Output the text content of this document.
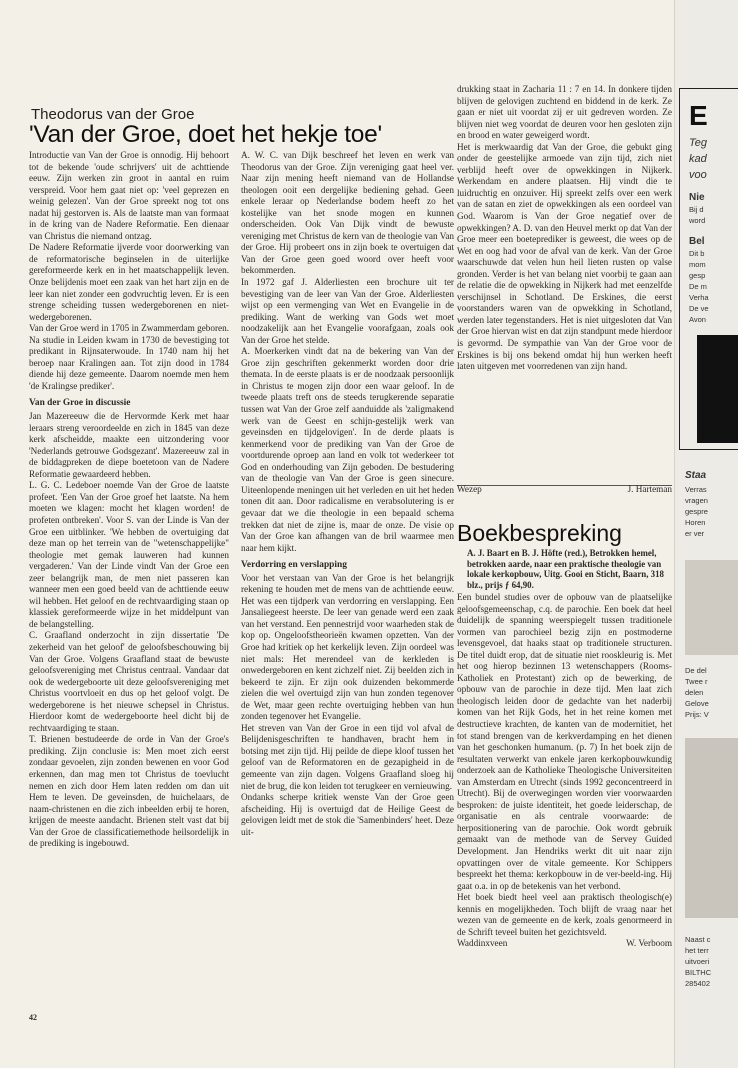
Theodorus van der Groe
'Van der Groe, doet het hekje toe'

Introductie van Van der Groe is onnodig. Hij behoort tot de bekende 'oude schrijvers' uit de achttiende eeuw. Zijn werken zin groot in aantal en ruim verspreid. Voor hem gaat niet op: 'veel geprezen en weinig gelezen'. Van der Groe spreekt nog tot ons nadat hij gestorven is. Als de laatste man van formaat in de kring van de Nadere Reformatie. Een dienaar van Christus die niemand ontzag.

De Nadere Reformatie ijverde voor doorwerking van de reformatorische beginselen in de uiterlijke gereformeerde kerk en in het maatschappelijk leven. Onze belijdenis moet een zaak van het hart zijn en de leer kan niet zonder een godvruchtig leven. Er is een strenge scheiding tussen wedergeborenen en niet-wedergeborenen.

Van der Groe werd in 1705 in Zwammerdam geboren. Na studie in Leiden kwam in 1730 de bevestiging tot predikant in Rijnsaterwoude. In 1740 nam hij het beroep naar Kralingen aan. Tot zijn dood in 1784 diende hij deze gemeente. Daarom noemde men hem 'de Kralingse prediker'.

Van der Groe in discussie

Jan Mazereeuw die de Hervormde Kerk met haar leraars streng veroordeelde en zich in 1845 van deze kerk afscheidde, maakte een uitzondering voor 'Nederlands getrouwe Godsgezant'. Mazereeuw zal in de biddagpreken de diepe boetetoon van de Nadere Reformatie gewaardeerd hebben.

L. G. C. Ledeboer noemde Van der Groe de laatste profeet. 'Een Van der Groe groef het laatste. Na hem moeten we klagen: mocht het klagen worden! de profeten ontbreken'. Voor S. van der Linde is Van der Groe een uitblinker. 'We hebben de overtuiging dat deze man op het terrein van de "wetenschappelijke" theologie met gemak lauweren had kunnen vergaderen.' Van der Linde vindt Van der Groe een zeer belangrijk man, de men niet passeren kan wanneer men een goed beeld van de achttiende eeuw wil hebben. Het geloof en de rechtvaardiging staan op klassiek gereformeerde wijze in het middelpunt van de belangstelling.

C. Graafland onderzocht in zijn dissertatie 'De zekerheid van het geloof' de geloofsbeschouwing bij Van der Groe. Volgens Graafland staat de bewuste geloofsvereniging met Christus centraal. Vandaar dat ook de wedergeboorte uit deze geloofsvereniging met Christus voortvloeit en dus op het geloof volgt. De wedergeborene is het nieuwe schepsel in Christus. Hierdoor komt de wedergeboorte heel dicht bij de rechtvaardiging te staan.

T. Brienen bestudeerde de orde in Van der Groe's prediking. Zijn conclusie is: Men moet zich eerst zondaar gevoelen, zijn zonden bewenen en voor God erkennen, dan mag men tot Christus de toevlucht nemen en zich door Hem laten redden om dan uit Hem te leven. De geveinsden, de huichelaars, de naam-christenen en die zich inbeelden erbij te horen, krijgen de meeste aandacht. Brienen stelt vast dat bij Van der Groe de classificatiemethode heilsordelijk in de prediking is ingebouwd.

A. W. C. van Dijk beschreef het leven en werk van Theodorus van der Groe. Zijn vereniging gaat heel ver. Naar zijn mening heeft niemand van de Hollandse theologen ooit een dergelijke bediening gehad. Geen enkele leraar op Nederlandse bodem heeft zo het kostelijke van het snode mogen en kunnen onderscheiden. Ook Van Dijk vindt de bewuste vereniging met Christus de kern van de theologie van Van der Groe. Hij probeert ons in zijn boek te overtuigen dat Van der Groe geen goed woord over heeft voor bekommerden.

In 1972 gaf J. Alderliesten een brochure uit ter bevestiging van de leer van Van der Groe. Alderliesten wijst op een vermenging van Wet en Evangelie in de prediking. Want de werking van Gods wet moet noodzakelijk aan het Evangelie voorafgaan, zoals ook Van der Groe het stelde.

A. Moerkerken vindt dat na de bekering van Van der Groe zijn geschriften gekenmerkt worden door drie themata. In de eerste plaats is er de noodzaak persoonlijk in Christus te mogen zijn door een waar geloof. In de tweede plaats treft ons de steeds terugkerende separatie tussen wat Van der Groe zelf aanduidde als 'zaligmakend werk van de Geest en schijn-gestelijk werk van geveinsden en tijdgelovigen'. In de derde plaats is kenmerkend voor de prediking van Van der Groe de voortdurende oproep aan land en volk tot wederkeer tot God en onderhouding van Zijn geboden. De bestudering van de theologie van Van der Groe is geen sinecure. Uiteenlopende meningen uit het verleden en uit het heden tonen dit aan. Door radicalisme en verabsolutering is er gevaar dat we die theologie in een bepaald schema trekken dat niet de zijne is, maar de onze. De visie op Van der Groe kan afhangen van de bril waarmee men naar hem kijkt.

Verdorring en verslapping

Voor het verstaan van Van der Groe is het belangrijk rekening te houden met de mens van de achttiende eeuw. Het was een tijdperk van verdorring en verslapping. Een Jansaliegeest heerste. De leer van genade werd een zaak van het verstand. Een pennestrijd voor waarheden stak de kop op. Ongeloofstheorieën kwamen opzetten. Van der Groe had kritiek op het kerkelijk leven. Zijn oordeel was niet mals: Het merendeel van de kerkleden is onwedergeboren en kent zichzelf niet. Zij beelden zich in bekeerd te zijn. Er zijn ook duizenden bekommerde zielen die wel overtuigd zijn van hun zonden tegenover de Wet, maar geen rechte overtuiging hebben van hun zonden tegenover het Evangelie.

Het streven van Van der Groe in een tijd vol afval de Belijdenisgeschriften te handhaven, bracht hem in botsing met zijn tijd. Hij peilde de diepe kloof tussen het geloof van de Reformatoren en de gezapigheid in de gemeente van zijn dagen. Volgens Graafland sloeg hij niet de brug, die kon leiden tot terugkeer en vernieuwing.

Ondanks scherpe kritiek wenste Van der Groe geen afscheiding. Hij is overtuigd dat de Heilige Geest de gelovigen leidt met de stok die 'Samenbinders' heet. Deze uit-

drukking staat in Zacharia 11 : 7 en 14. In donkere tijden blijven de gelovigen zuchtend en biddend in de kerk. Ze gaan er niet uit voordat zij er uit gedreven worden. Ze blijven niet weg voordat de deuren voor hen gesloten zijn en brood en water geweigerd wordt.

Het is merkwaardig dat Van der Groe, die gebukt ging onder de geestelijke armoede van zijn tijd, zich niet verblijd heeft over de opwekkingen in Nijkerk. Werkendam en andere plaatsen. Hij vindt die te luidruchtig en onzuiver. Hij spreekt zelfs over een werk van de satan en ziet de opwekkingen als een oordeel van God. Waarom is Van der Groe negatief over de opwekkingen? A. D. van den Heuvel merkt op dat Van der Groe meer een boeteprediker is geweest, die wees op de Wet en oog had voor de afval van de kerk. Van der Groe waarschuwde dat velen hun heil lieten rusten op valse gronden. Verder is het van belang niet voorbij te gaan aan de relatie die de opwekking in Nijkerk had met eenzelfde verschijnsel in Schotland. De Erskines, die eerst voorstanders waren van de opwekking in Schotland, werden later tegenstanders. Het is niet uitgesloten dat Van der Groe hiervan wist en dat zijn standpunt mede hierdoor is gevormd. De sympathie van Van der Groe voor de Erskines is bij ons bekend omdat hij hun werken heeft laten uitgeven met voorredenen van zijn hand.

Wezep	J. Harteman
Boekbespreking

A. J. Baart en B. J. Höfte (red.), Betrokken hemel, betrokken aarde, naar een praktische theologie van lokale kerkopbouw, Uitg. Gooi en Sticht, Baarn, 318 blz., prijs ƒ 64,90.

Een bundel studies over de opbouw van de plaatselijke geloofsgemeenschap, c.q. de parochie. Een boek dat heel duidelijk de spanning weerspiegelt tussen traditionele vormen van parochieel bezig zijn en postmoderne levensgevoel, dat haaks staat op traditionele structuren. De titel duidt erop, dat de situatie niet rooskleurig is. Met het oog hierop bezinnen 13 wetenschappers (Rooms-Katholiek en Protestant) zich op de bewerking, de opbouw van de parochie in deze tijd. Men laat zich theologisch leiden door de gedachte van het naderbij komen van het Rijk Gods, het in het reine komen met destructieve krachten, de kanten van de modernitiet, het tot stand brengen van de kerkverdamping en het dienen van het geschonken humanum. (p. 7) In het boek zijn de resultaten verwerkt van enkele jaren kerkopbouwkundig onderzoek aan de Katholieke Theologische Universiteiten van Amsterdam en Utrecht (sinds 1992 geconcentreerd in Utrecht). Bij de overwegingen worden vier voorwaarden besproken: de juiste identiteit, het goede leiderschap, de organisatie en als centrale voorwaarde: de herpositionering van de parochie. Ook wordt gebruik gemaakt van de methode van de Servey Guided Development. Jan Hendriks werkt dit uit naar zijn opvattingen over de vitale gemeente. Kor Schippers bespreekt het thema: kerkopbouw in de ver-beeld-ing. Hij gaat o.a. in op de betekenis van het verbond.

Het boek biedt heel veel aan praktisch theologisch(e) kennis en mogelijkheden. Toch blijft de vraag naar het wezen van de gemeente en de kerk, zoals genormeerd in de Schrift teveel buiten het gezichtsveld.

Waddinxveen	W. Verboom
42
E
Teg
kad
voo
Nie
Bij d
word
Bel
Dit b
mom
gesp
De m
Verha
De ve
Avon
Staa
Verras
vragen
gespre
Horen
er ver
De del
Twee r
delen
Gelove
Prijs: V
Naast c
het terr
uitvoeri
BILTHC
285402
